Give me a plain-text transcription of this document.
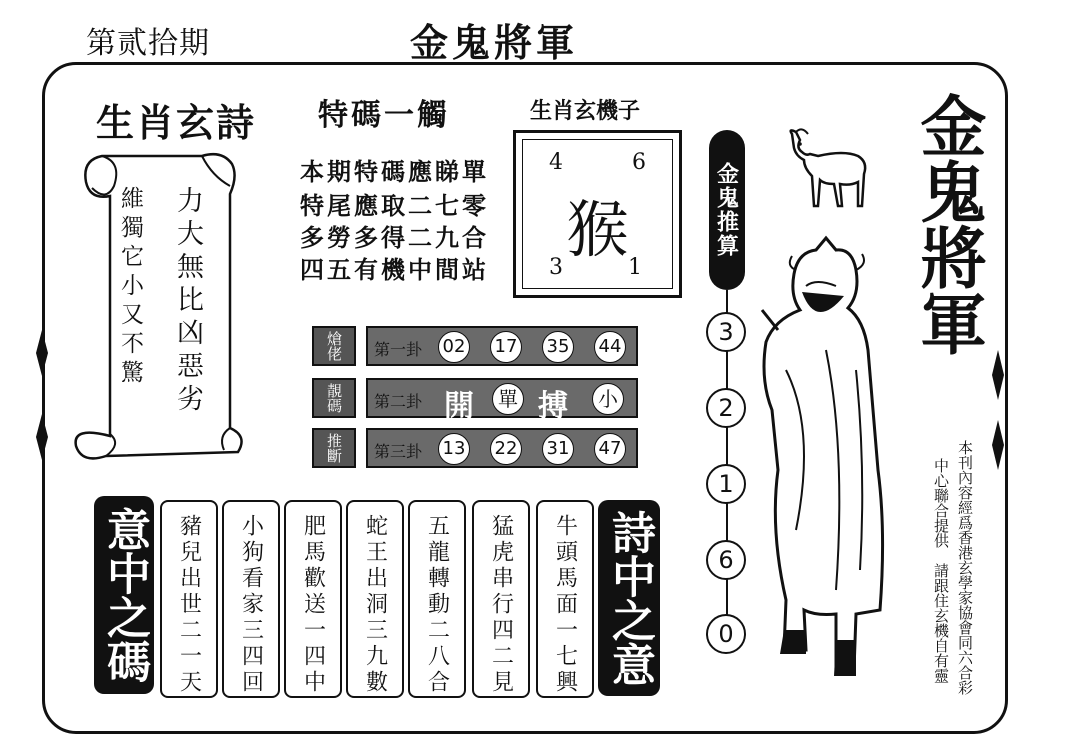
第贰拾期	金鬼將軍
生肖玄詩
力大無比凶惡劣
維獨它小又不驚
特碼一觸
本期特碼應睇單
特尾應取二七零
多勞多得二九合
四五有機中間站
生肖玄機子
4	6
3	1
猴
熗佬	第一卦 02 17 35 44
靚碼	第二卦 開	單 搏	小
推斷	第三卦 13 22 31 47
金鬼推算
3
2
1
6
0
金鬼將軍
本刊內容經爲香港玄學家協會同六合彩
中心聯合提供　請跟住玄機自有靈
意中之碼	詩中之意
豬兒出世二一天	小狗看家三四回	肥馬歡送一四中	蛇王出洞三九數	五龍轉動二八合	猛虎串行四二見	牛頭馬面一七興
